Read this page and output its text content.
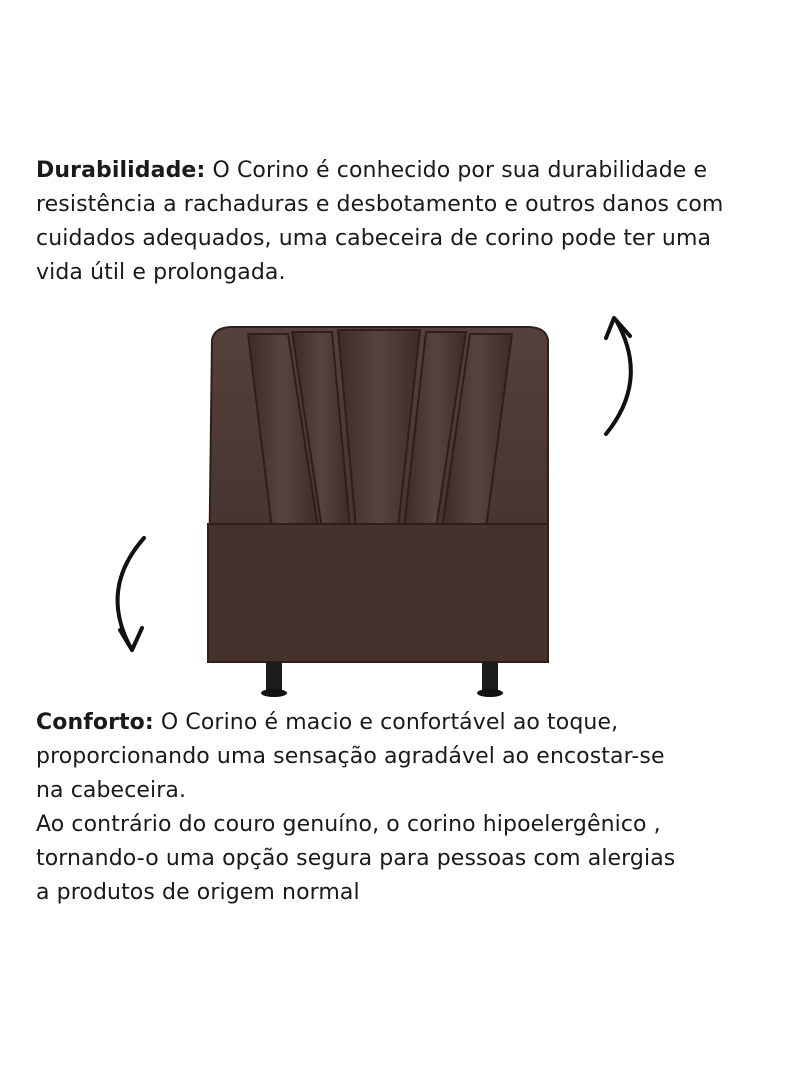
Durabilidade: O Corino é conhecido por sua durabilidade e
resistência a rachaduras e desbotamento e outros danos com
cuidados adequados, uma cabeceira de corino pode ter uma
vida útil e prolongada.
Conforto: O Corino é macio e confortável ao toque,
proporcionando uma sensação agradável ao encostar-se
na cabeceira.
Ao contrário do couro genuíno, o corino hipoelergênico ,
tornando-o uma opção segura para pessoas com alergias
a produtos de origem normal
